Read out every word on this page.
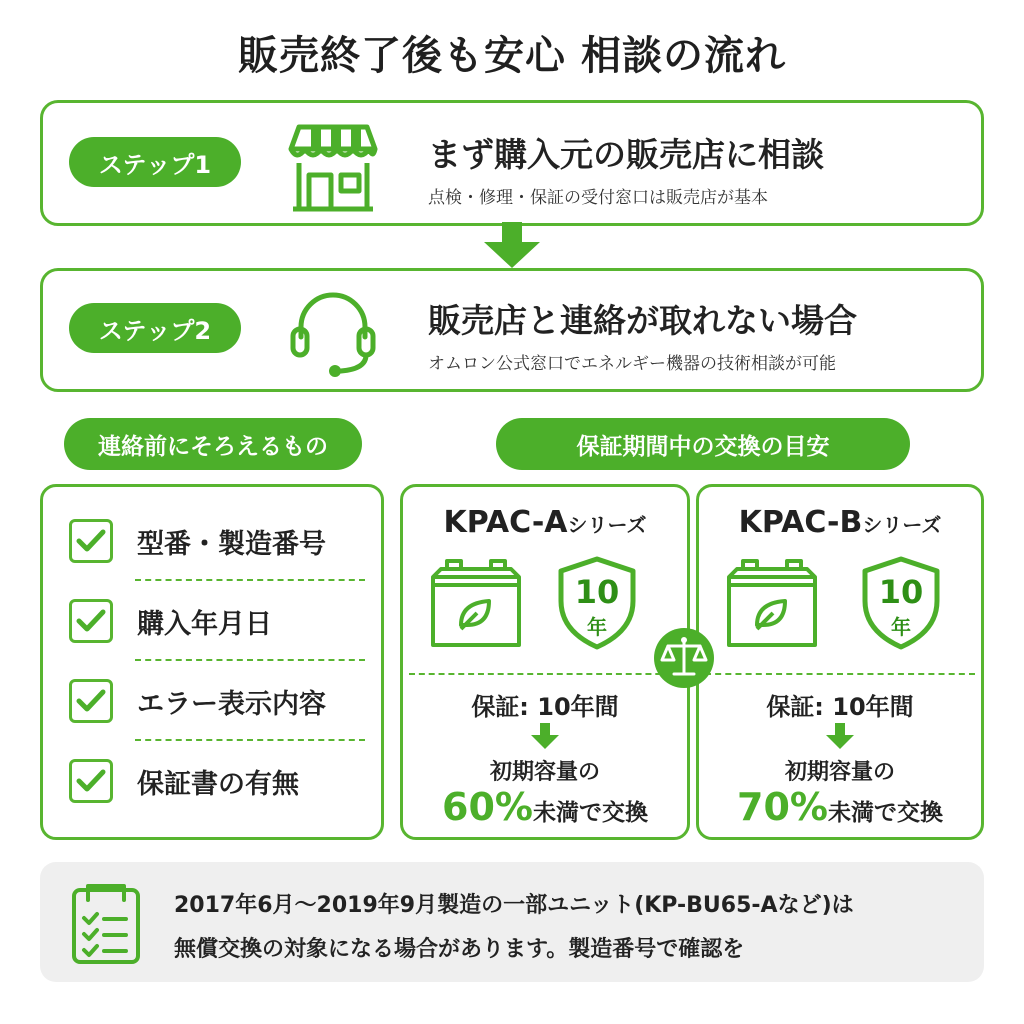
販売終了後も安心 相談の流れ
ステップ1	まず購入元の販売店に相談
点検・修理・保証の受付窓口は販売店が基本
ステップ2	販売店と連絡が取れない場合
オムロン公式窓口でエネルギー機器の技術相談が可能
連絡前にそろえるもの	保証期間中の交換の目安
型番・製造番号
購入年月日
エラー表示内容
保証書の有無
KPAC-Aシリーズ
10
年
保証: 10年間
初期容量の
60%未満で交換
KPAC-Bシリーズ
10
年
保証: 10年間
初期容量の
70%未満で交換
2017年6月～2019年9月製造の一部ユニット(KP-BU65-Aなど)は
無償交換の対象になる場合があります。製造番号で確認を
